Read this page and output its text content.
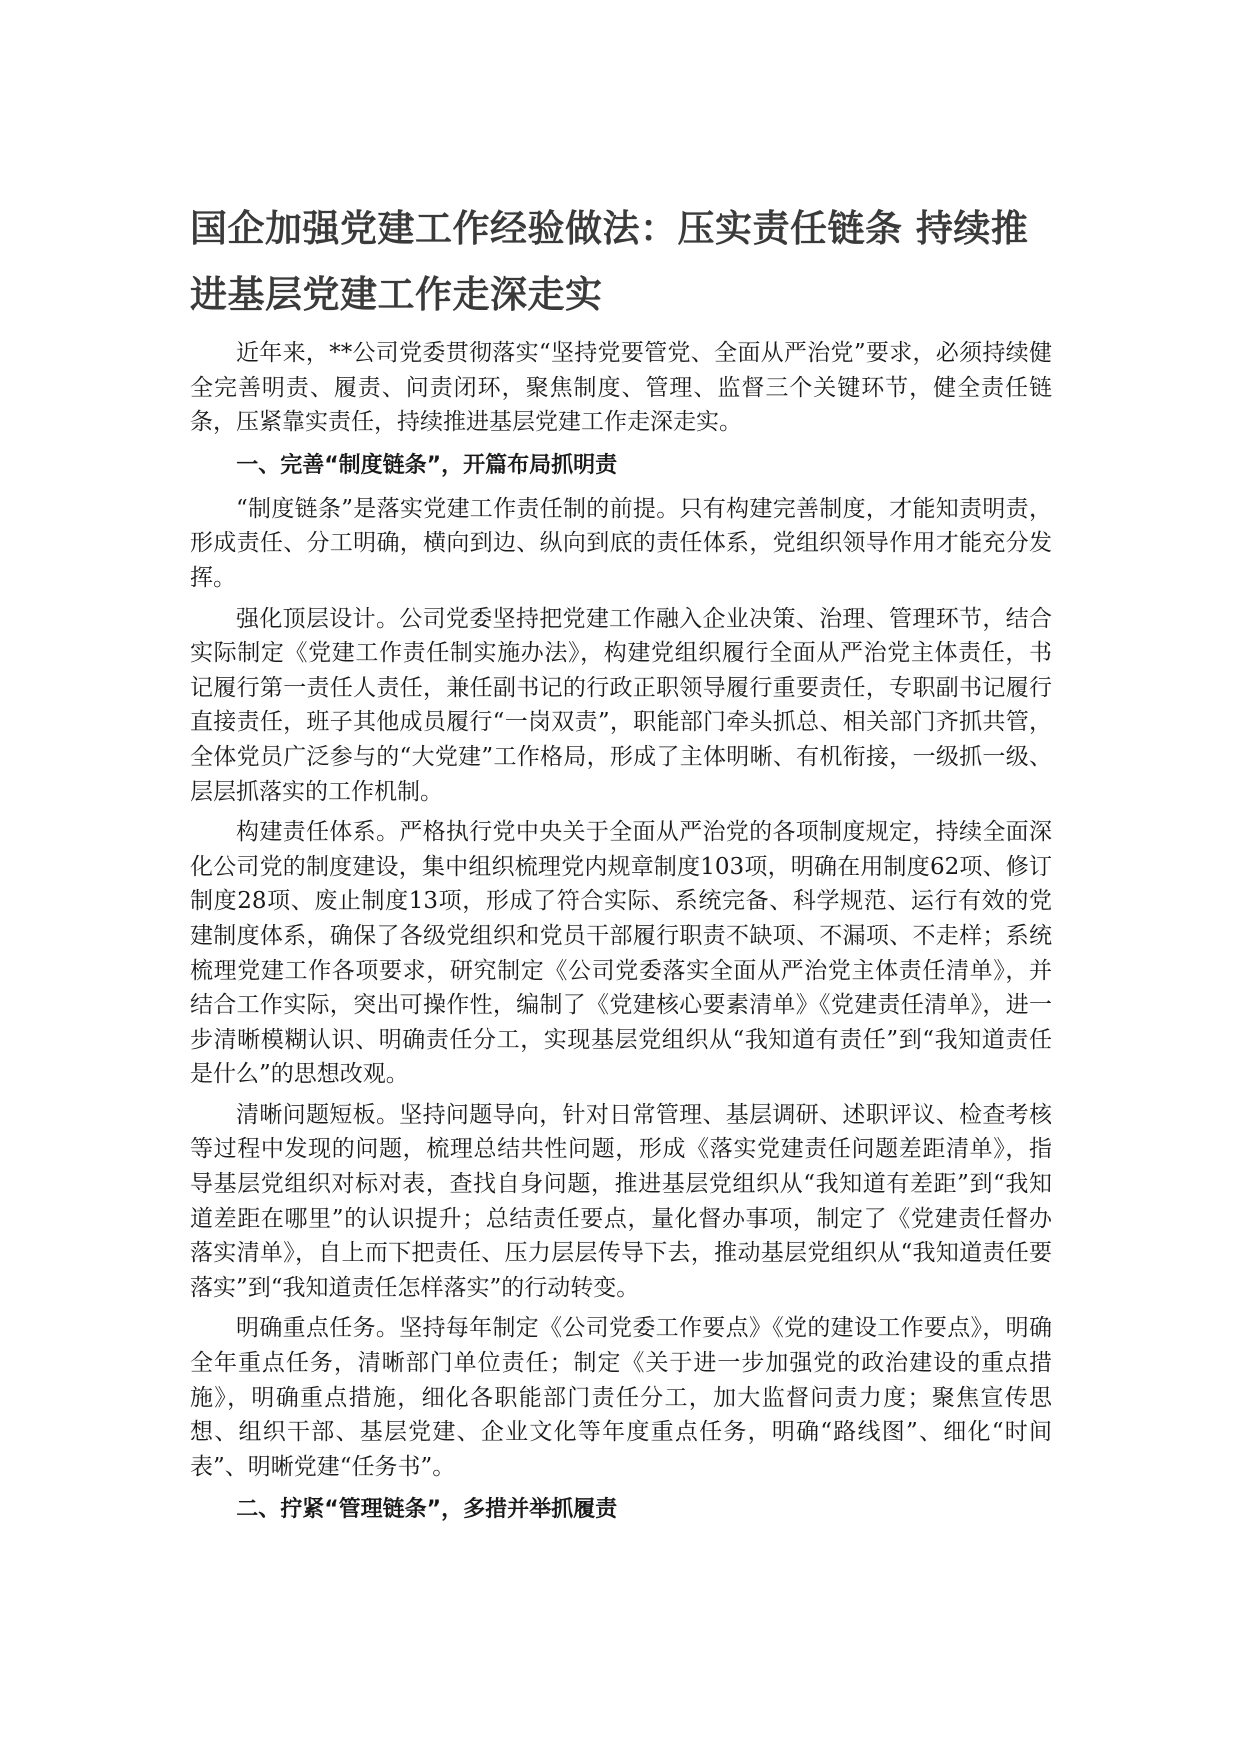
国企加强党建工作经验做法：压实责任链条 持续推
进基层党建工作走深走实

近年来，**公司党委贯彻落实“坚持党要管党、全面从严治党”要求，必须持续健全完善明责、履责、问责闭环，聚焦制度、管理、监督三个关键环节，健全责任链条，压紧靠实责任，持续推进基层党建工作走深走实。

一、完善“制度链条”，开篇布局抓明责

“制度链条”是落实党建工作责任制的前提。只有构建完善制度，才能知责明责，形成责任、分工明确，横向到边、纵向到底的责任体系，党组织领导作用才能充分发挥。

强化顶层设计。公司党委坚持把党建工作融入企业决策、治理、管理环节，结合实际制定《党建工作责任制实施办法》，构建党组织履行全面从严治党主体责任，书记履行第一责任人责任，兼任副书记的行政正职领导履行重要责任，专职副书记履行直接责任，班子其他成员履行“一岗双责”，职能部门牵头抓总、相关部门齐抓共管，全体党员广泛参与的“大党建”工作格局，形成了主体明晰、有机衔接，一级抓一级、层层抓落实的工作机制。

构建责任体系。严格执行党中央关于全面从严治党的各项制度规定，持续全面深化公司党的制度建设，集中组织梳理党内规章制度103项，明确在用制度62项、修订制度28项、废止制度13项，形成了符合实际、系统完备、科学规范、运行有效的党建制度体系，确保了各级党组织和党员干部履行职责不缺项、不漏项、不走样；系统梳理党建工作各项要求，研究制定《公司党委落实全面从严治党主体责任清单》，并结合工作实际，突出可操作性，编制了《党建核心要素清单》《党建责任清单》，进一步清晰模糊认识、明确责任分工，实现基层党组织从“我知道有责任”到“我知道责任是什么”的思想改观。

清晰问题短板。坚持问题导向，针对日常管理、基层调研、述职评议、检查考核等过程中发现的问题，梳理总结共性问题，形成《落实党建责任问题差距清单》，指导基层党组织对标对表，查找自身问题，推进基层党组织从“我知道有差距”到“我知道差距在哪里”的认识提升；总结责任要点，量化督办事项，制定了《党建责任督办落实清单》，自上而下把责任、压力层层传导下去，推动基层党组织从“我知道责任要落实”到“我知道责任怎样落实”的行动转变。

明确重点任务。坚持每年制定《公司党委工作要点》《党的建设工作要点》，明确全年重点任务，清晰部门单位责任；制定《关于进一步加强党的政治建设的重点措施》，明确重点措施，细化各职能部门责任分工，加大监督问责力度；聚焦宣传思想、组织干部、基层党建、企业文化等年度重点任务，明确“路线图”、细化“时间表”、明晰党建“任务书”。

二、拧紧“管理链条”，多措并举抓履责
